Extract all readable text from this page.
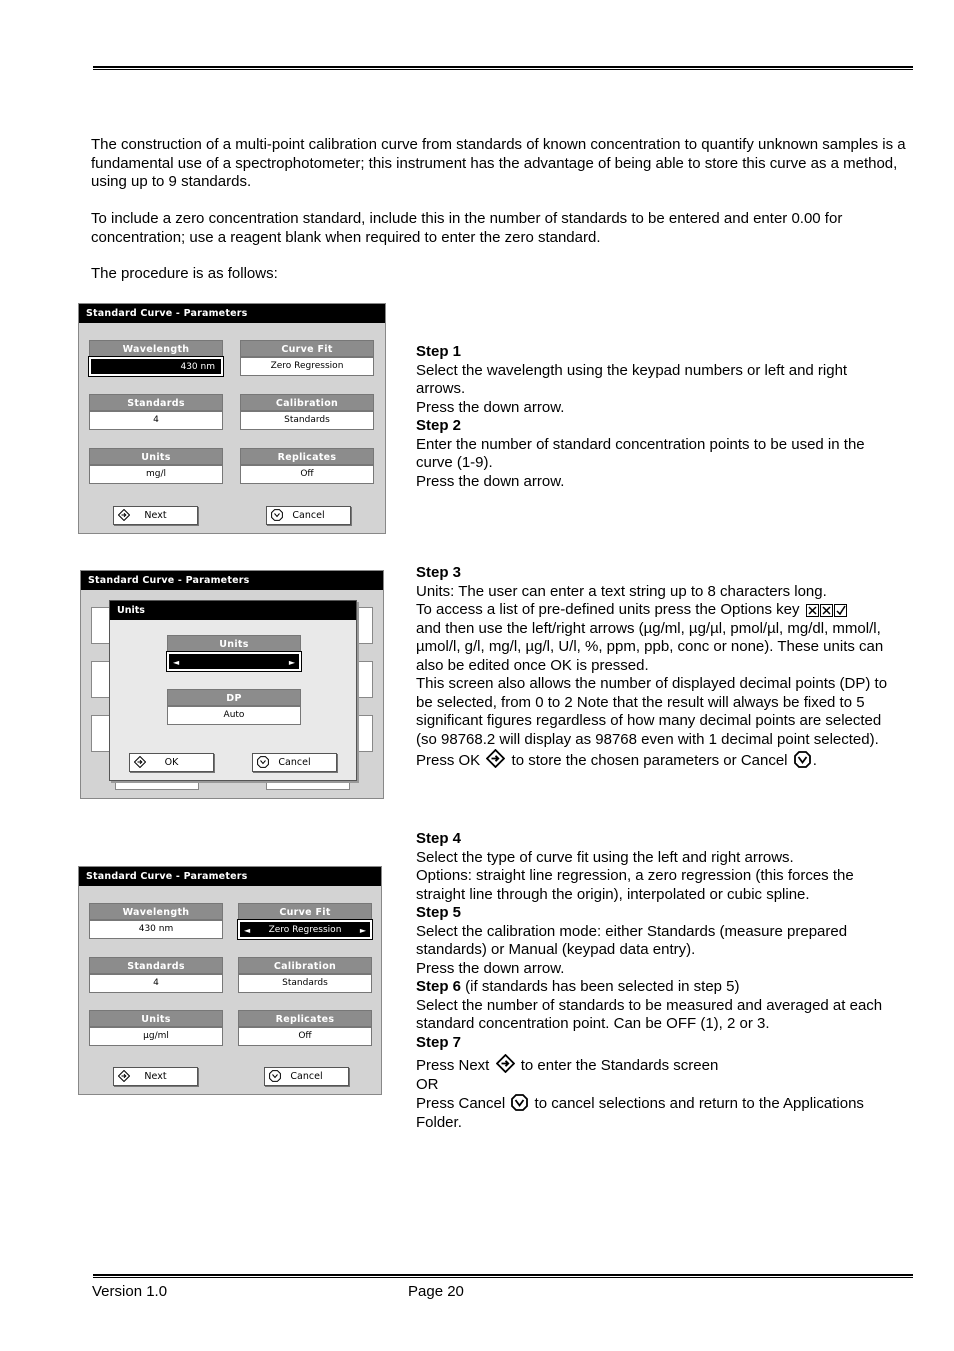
The construction of a multi-point calibration curve from standards of known concentration to quantify unknown samples is a fundamental use of a spectrophotometer; this instrument has the advantage of being able to store this curve as a method, using up to 9 standards.

To include a zero concentration standard, include this in the number of standards to be entered and enter 0.00 for concentration; use a reagent blank when required to enter the zero standard.

The procedure is as follows:

Standard Curve - Parameters
Wavelength
430 nm
Curve Fit
Zero Regression
Standards
4
Calibration
Standards
Units
mg/l
Replicates
Off
Next	Cancel
Step 1
Select the wavelength using the keypad numbers or left and right arrows.
Press the down arrow.
Step 2
Enter the number of standard concentration points to be used in the curve (1-9).
Press the down arrow.
Standard Curve - Parameters
Units
Units
◄	►
DP
Auto
OK	Cancel
Step 3
Units: The user can enter a text string up to 8 characters long.
To access a list of pre-defined units press the Options key
and then use the left/right arrows (µg/ml, µg/µl, pmol/µl, mg/dl, mmol/l, µmol/l, g/l, mg/l, µg/l, U/l, %, ppm, ppb, conc or none). These units can also be edited once OK is pressed.
This screen also allows the number of displayed decimal points (DP) to be selected, from 0 to 2 Note that the result will always be fixed to 5 significant figures regardless of how many decimal points are selected (so 98768.2 will display as 98768 even with 1 decimal point selected). Press OK to store the chosen parameters or Cancel .
Standard Curve - Parameters
Wavelength
430 nm
Curve Fit
◄ Zero Regression ►
Standards
4
Calibration
Standards
Units
µg/ml
Replicates
Off
Next	Cancel
Step 4
Select the type of curve fit using the left and right arrows.
Options: straight line regression, a zero regression (this forces the straight line through the origin), interpolated or cubic spline.
Step 5
Select the calibration mode: either Standards (measure prepared standards) or Manual (keypad data entry).
Press the down arrow.
Step 6 (if standards has been selected in step 5)
Select the number of standards to be measured and averaged at each standard concentration point. Can be OFF (1), 2 or 3.
Step 7
Press Next to enter the Standards screen
OR
Press Cancel to cancel selections and return to the Applications Folder.
Version 1.0	Page 20
